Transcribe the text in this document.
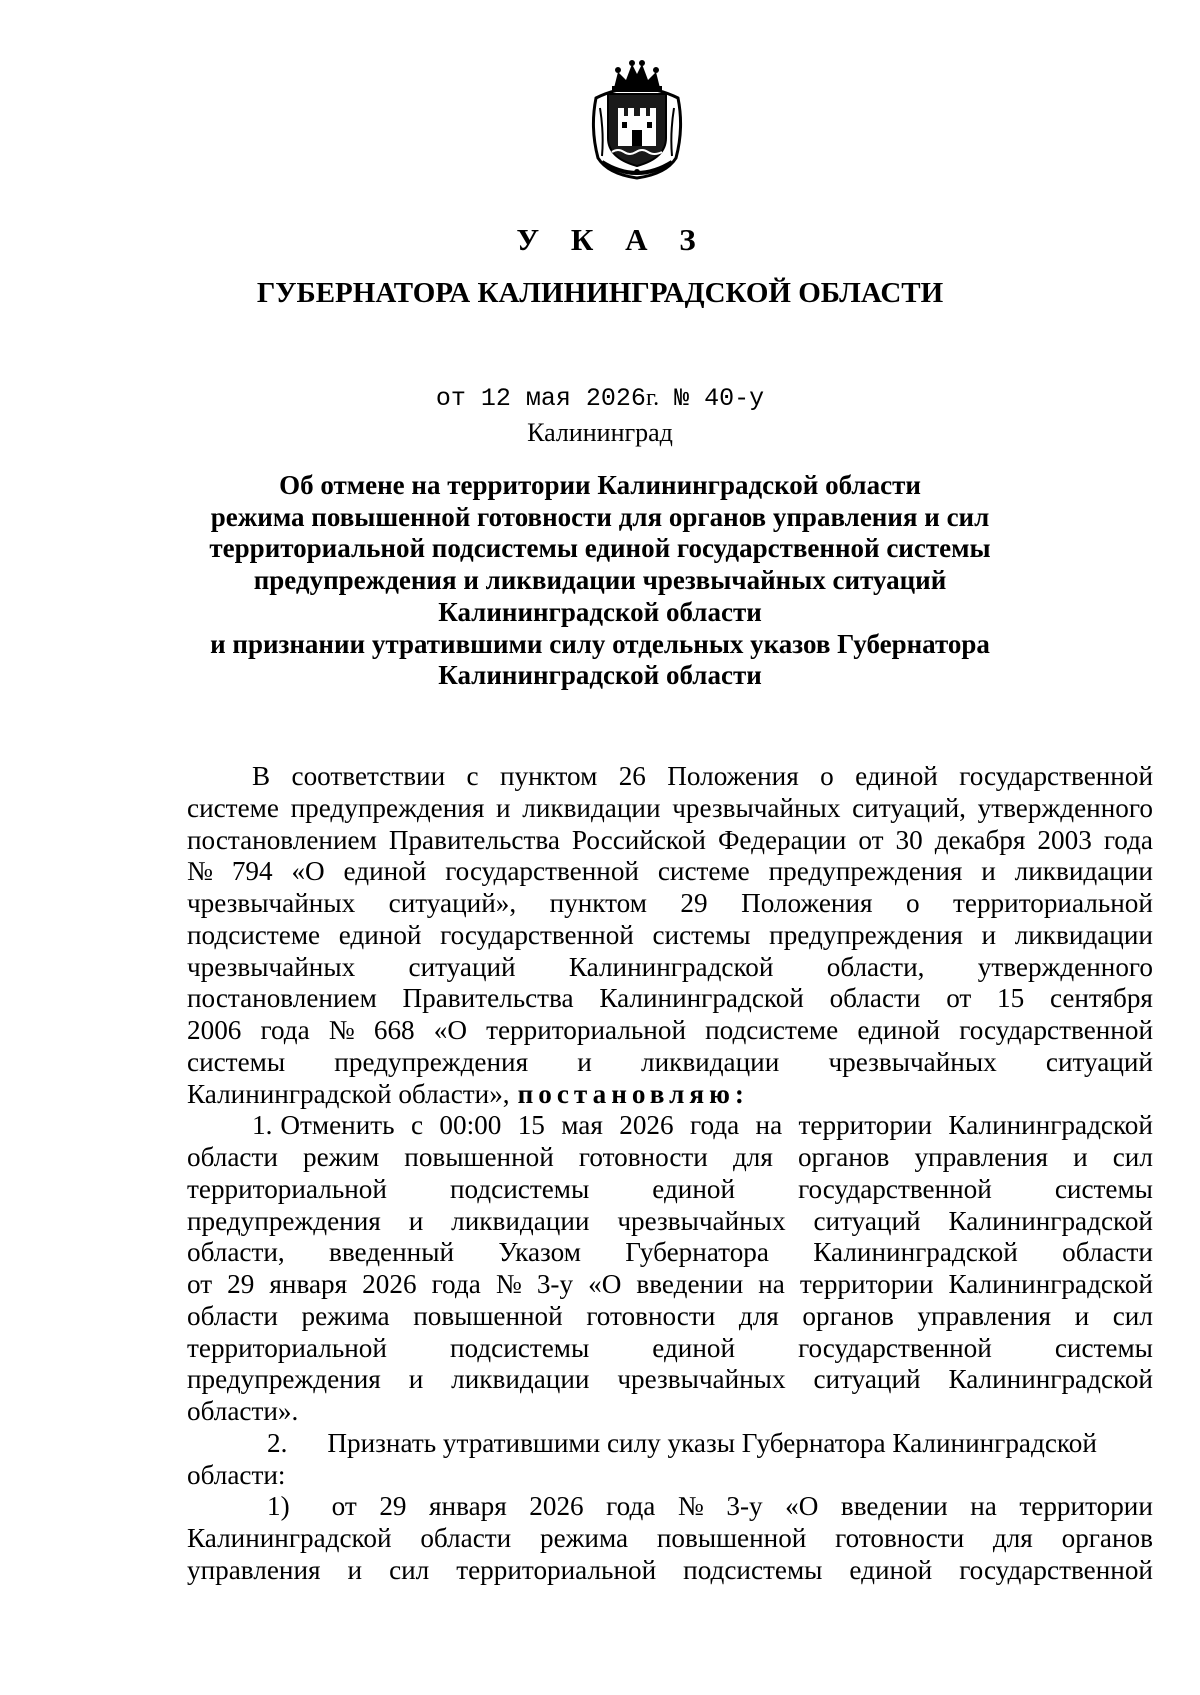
У К А З
ГУБЕРНАТОРА КАЛИНИНГРАДСКОЙ ОБЛАСТИ
от 12 мая 2026г. № 40-у
Калининград
Об отмене на территории Калининградской области
режима повышенной готовности для органов управления и сил
территориальной подсистемы единой государственной системы
предупреждения и ликвидации чрезвычайных ситуаций
Калининградской области
и признании утратившими силу отдельных указов Губернатора
Калининградской области
В соответствии с пунктом 26 Положения о единой государственной
системе предупреждения и ликвидации чрезвычайных ситуаций, утвержденного
постановлением Правительства Российской Федерации от 30 декабря 2003 года
№ 794 «О единой государственной системе предупреждения и ликвидации
чрезвычайных ситуаций», пунктом 29 Положения о территориальной
подсистеме единой государственной системы предупреждения и ликвидации
чрезвычайных ситуаций Калининградской области, утвержденного
постановлением Правительства Калининградской области от 15 сентября
2006 года № 668 «О территориальной подсистеме единой государственной
системы предупреждения и ликвидации чрезвычайных ситуаций
Калининградской области», постановляю:
1. Отменить с 00:00 15 мая 2026 года на территории Калининградской
области режим повышенной готовности для органов управления и сил
территориальной подсистемы единой государственной системы
предупреждения и ликвидации чрезвычайных ситуаций Калининградской
области, введенный Указом Губернатора Калининградской области
от 29 января 2026 года № 3-у «О введении на территории Калининградской
области режима повышенной готовности для органов управления и сил
территориальной подсистемы единой государственной системы
предупреждения и ликвидации чрезвычайных ситуаций Калининградской
области».
2. Признать утратившими силу указы Губернатора Калининградской
области:
1) от 29 января 2026 года № 3-у «О введении на территории
Калининградской области режима повышенной готовности для органов
управления и сил территориальной подсистемы единой государственной
